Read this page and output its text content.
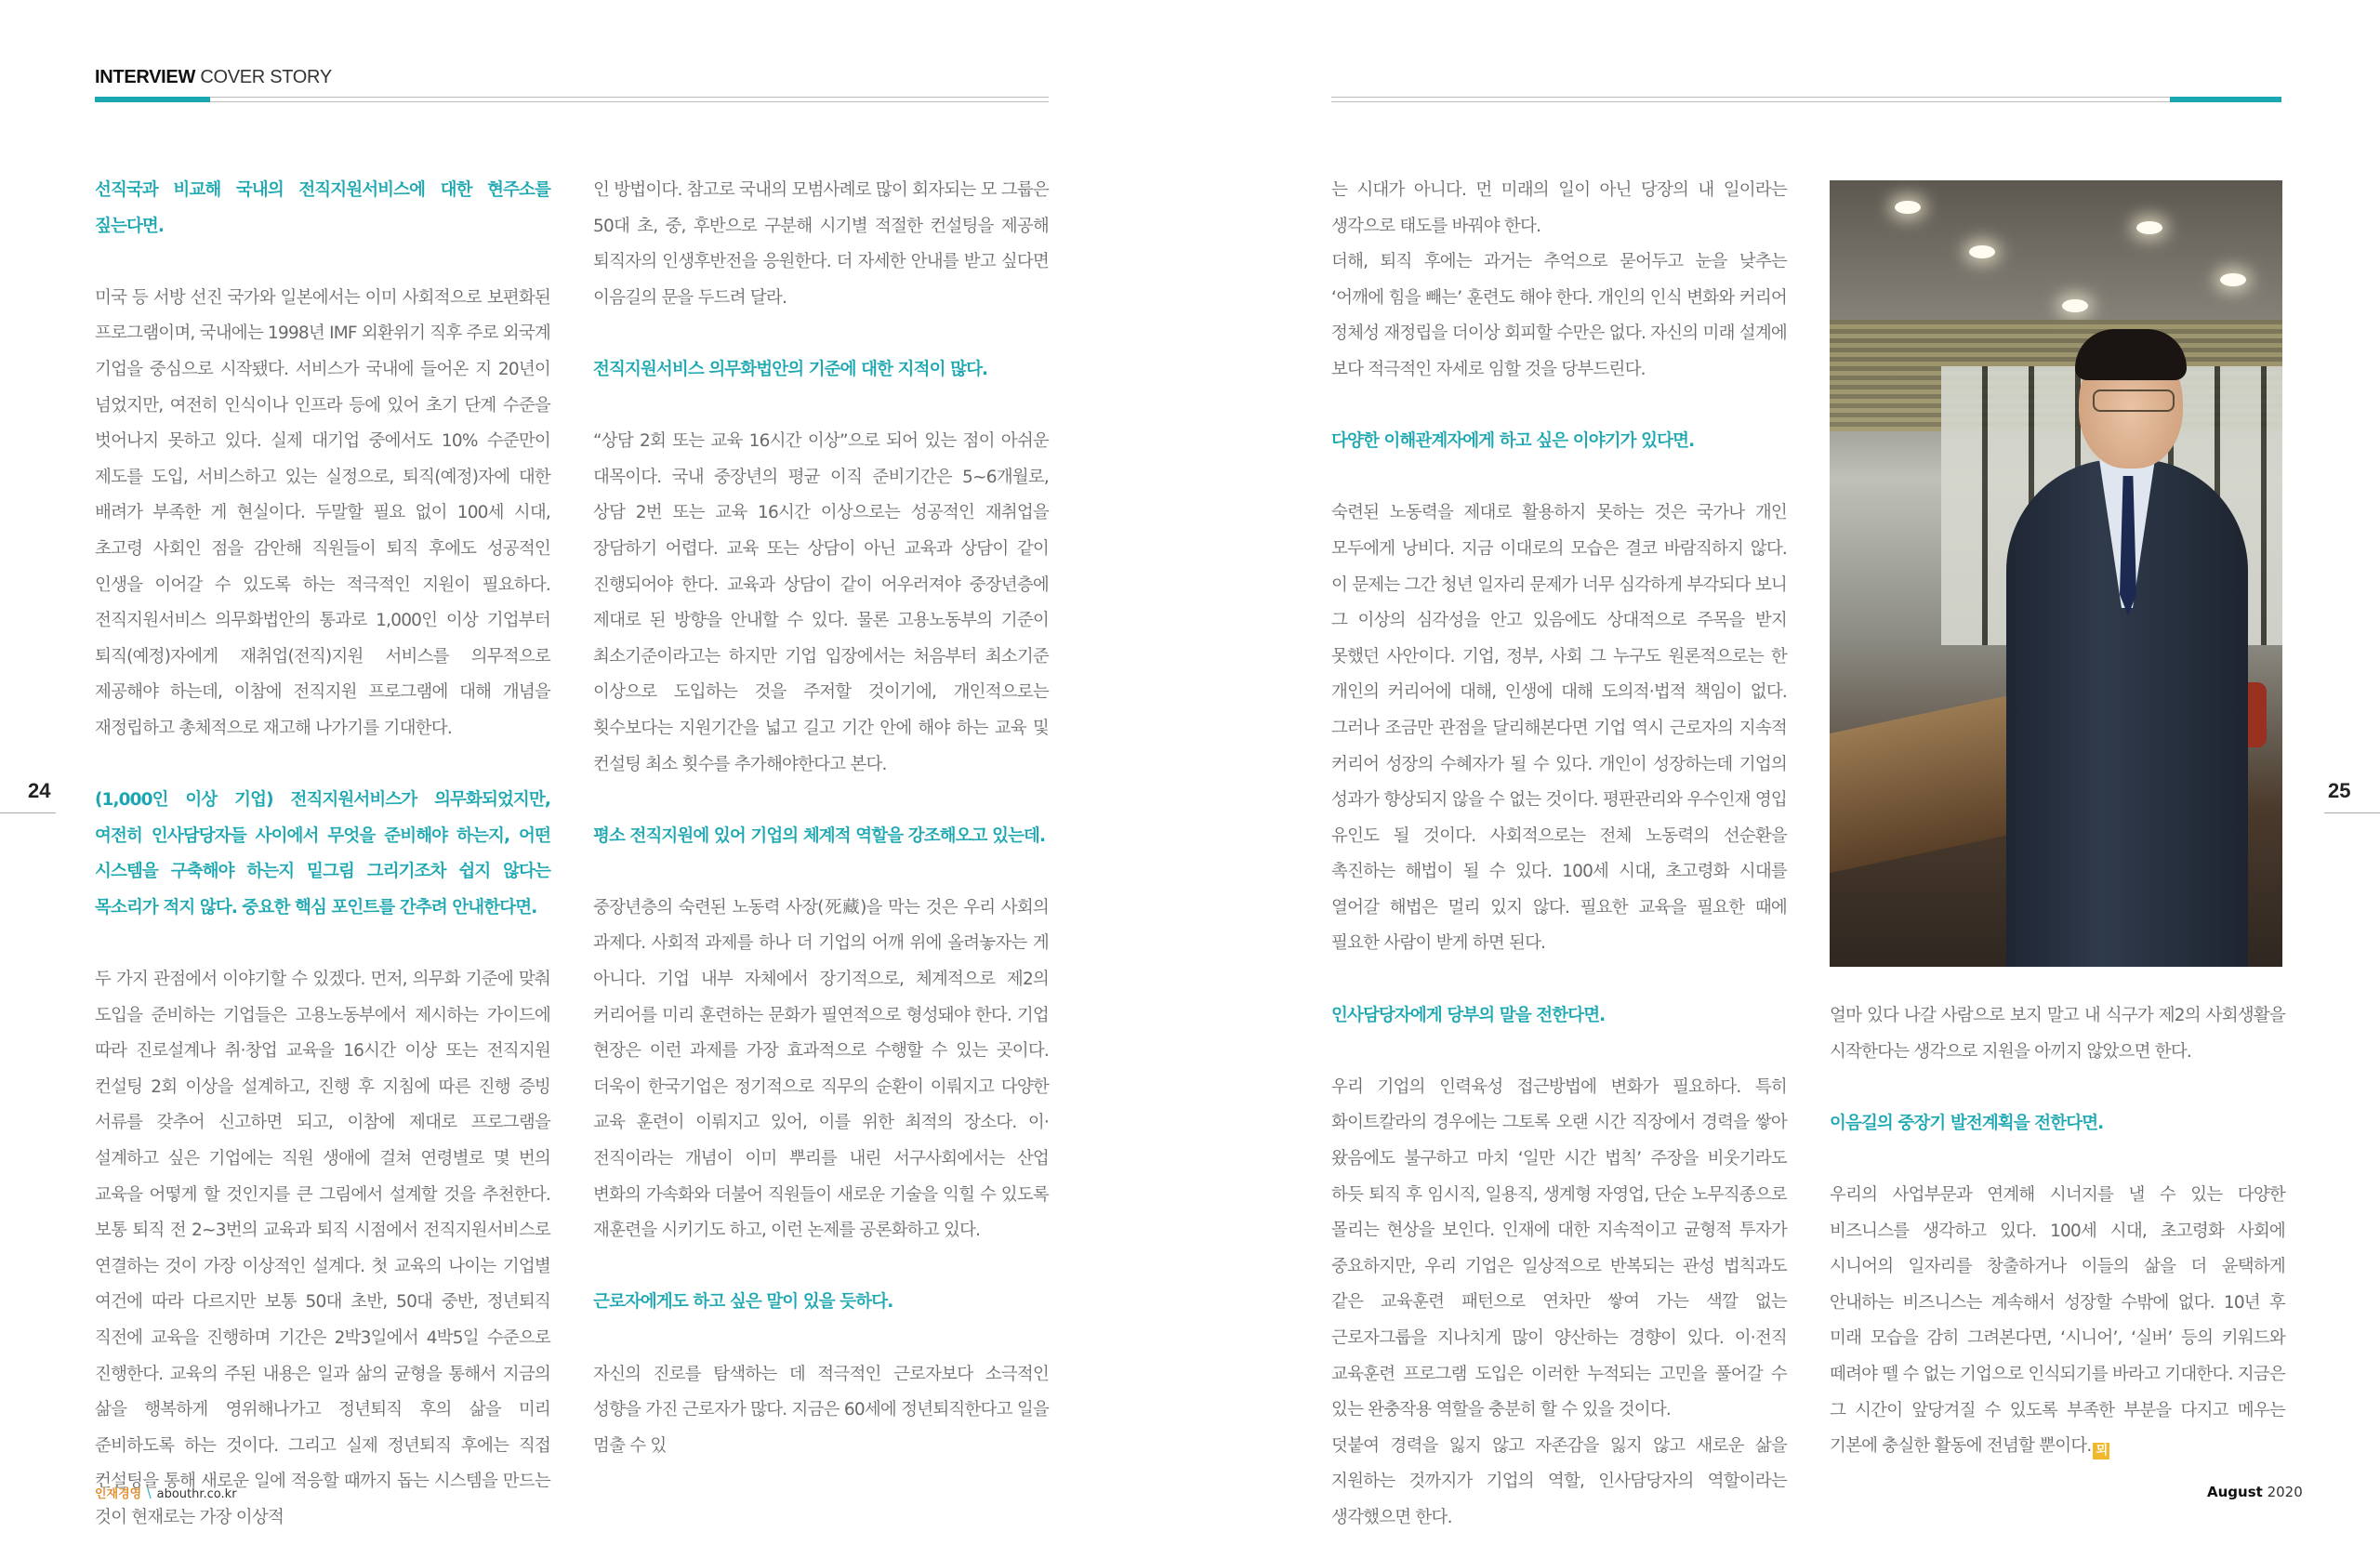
INTERVIEW COVER STORY
24	25

선직국과 비교해 국내의 전직지원서비스에 대한 현주소를 짚는다면.

미국 등 서방 선진 국가와 일본에서는 이미 사회적으로 보편화된 프로그램이며, 국내에는 1998년 IMF 외환위기 직후 주로 외국계 기업을 중심으로 시작됐다. 서비스가 국내에 들어온 지 20년이 넘었지만, 여전히 인식이나 인프라 등에 있어 초기 단계 수준을 벗어나지 못하고 있다. 실제 대기업 중에서도 10% 수준만이 제도를 도입, 서비스하고 있는 실정으로, 퇴직(예정)자에 대한 배려가 부족한 게 현실이다. 두말할 필요 없이 100세 시대, 초고령 사회인 점을 감안해 직원들이 퇴직 후에도 성공적인 인생을 이어갈 수 있도록 하는 적극적인 지원이 필요하다. 전직지원서비스 의무화법안의 통과로 1,000인 이상 기업부터 퇴직(예정)자에게 재취업(전직)지원 서비스를 의무적으로 제공해야 하는데, 이참에 전직지원 프로그램에 대해 개념을 재정립하고 총체적으로 재고해 나가기를 기대한다.

(1,000인 이상 기업) 전직지원서비스가 의무화되었지만, 여전히 인사담당자들 사이에서 무엇을 준비해야 하는지, 어떤 시스템을 구축해야 하는지 밑그림 그리기조차 쉽지 않다는 목소리가 적지 않다. 중요한 핵심 포인트를 간추려 안내한다면.

두 가지 관점에서 이야기할 수 있겠다. 먼저, 의무화 기준에 맞춰 도입을 준비하는 기업들은 고용노동부에서 제시하는 가이드에 따라 진로설계나 취·창업 교육을 16시간 이상 또는 전직지원 컨설팅 2회 이상을 설계하고, 진행 후 지침에 따른 진행 증빙 서류를 갖추어 신고하면 되고, 이참에 제대로 프로그램을 설계하고 싶은 기업에는 직원 생애에 걸쳐 연령별로 몇 번의 교육을 어떻게 할 것인지를 큰 그림에서 설계할 것을 추천한다. 보통 퇴직 전 2~3번의 교육과 퇴직 시점에서 전직지원서비스로 연결하는 것이 가장 이상적인 설계다. 첫 교육의 나이는 기업별 여건에 따라 다르지만 보통 50대 초반, 50대 중반, 정년퇴직 직전에 교육을 진행하며 기간은 2박3일에서 4박5일 수준으로 진행한다. 교육의 주된 내용은 일과 삶의 균형을 통해서 지금의 삶을 행복하게 영위해나가고 정년퇴직 후의 삶을 미리 준비하도록 하는 것이다. 그리고 실제 정년퇴직 후에는 직접 컨설팅을 통해 새로운 일에 적응할 때까지 돕는 시스템을 만드는 것이 현재로는 가장 이상적

인 방법이다. 참고로 국내의 모범사례로 많이 회자되는 모 그룹은 50대 초, 중, 후반으로 구분해 시기별 적절한 컨설팅을 제공해 퇴직자의 인생후반전을 응원한다. 더 자세한 안내를 받고 싶다면 이음길의 문을 두드려 달라.

전직지원서비스 의무화법안의 기준에 대한 지적이 많다.

“상담 2회 또는 교육 16시간 이상”으로 되어 있는 점이 아쉬운 대목이다. 국내 중장년의 평균 이직 준비기간은 5~6개월로, 상담 2번 또는 교육 16시간 이상으로는 성공적인 재취업을 장담하기 어렵다. 교육 또는 상담이 아닌 교육과 상담이 같이 진행되어야 한다. 교육과 상담이 같이 어우러져야 중장년층에 제대로 된 방향을 안내할 수 있다. 물론 고용노동부의 기준이 최소기준이라고는 하지만 기업 입장에서는 처음부터 최소기준 이상으로 도입하는 것을 주저할 것이기에, 개인적으로는 횟수보다는 지원기간을 넓고 길고 기간 안에 해야 하는 교육 및 컨설팅 최소 횟수를 추가해야한다고 본다.

평소 전직지원에 있어 기업의 체계적 역할을 강조해오고 있는데.

중장년층의 숙련된 노동력 사장(死藏)을 막는 것은 우리 사회의 과제다. 사회적 과제를 하나 더 기업의 어깨 위에 올려놓자는 게 아니다. 기업 내부 자체에서 장기적으로, 체계적으로 제2의 커리어를 미리 훈련하는 문화가 필연적으로 형성돼야 한다. 기업 현장은 이런 과제를 가장 효과적으로 수행할 수 있는 곳이다. 더욱이 한국기업은 정기적으로 직무의 순환이 이뤄지고 다양한 교육 훈련이 이뤄지고 있어, 이를 위한 최적의 장소다. 이·전직이라는 개념이 이미 뿌리를 내린 서구사회에서는 산업 변화의 가속화와 더불어 직원들이 새로운 기술을 익힐 수 있도록 재훈련을 시키기도 하고, 이런 논제를 공론화하고 있다.

근로자에게도 하고 싶은 말이 있을 듯하다.

자신의 진로를 탐색하는 데 적극적인 근로자보다 소극적인 성향을 가진 근로자가 많다. 지금은 60세에 정년퇴직한다고 일을 멈출 수 있

는 시대가 아니다. 먼 미래의 일이 아닌 당장의 내 일이라는 생각으로 태도를 바꿔야 한다.

더해, 퇴직 후에는 과거는 추억으로 묻어두고 눈을 낮추는 ‘어깨에 힘을 빼는’ 훈련도 해야 한다. 개인의 인식 변화와 커리어 정체성 재정립을 더이상 회피할 수만은 없다. 자신의 미래 설계에 보다 적극적인 자세로 임할 것을 당부드린다.

다양한 이해관계자에게 하고 싶은 이야기가 있다면.

숙련된 노동력을 제대로 활용하지 못하는 것은 국가나 개인 모두에게 낭비다. 지금 이대로의 모습은 결코 바람직하지 않다. 이 문제는 그간 청년 일자리 문제가 너무 심각하게 부각되다 보니 그 이상의 심각성을 안고 있음에도 상대적으로 주목을 받지 못했던 사안이다. 기업, 정부, 사회 그 누구도 원론적으로는 한 개인의 커리어에 대해, 인생에 대해 도의적·법적 책임이 없다. 그러나 조금만 관점을 달리해본다면 기업 역시 근로자의 지속적 커리어 성장의 수혜자가 될 수 있다. 개인이 성장하는데 기업의 성과가 향상되지 않을 수 없는 것이다. 평판관리와 우수인재 영입 유인도 될 것이다. 사회적으로는 전체 노동력의 선순환을 촉진하는 해법이 될 수 있다. 100세 시대, 초고령화 시대를 열어갈 해법은 멀리 있지 않다. 필요한 교육을 필요한 때에 필요한 사람이 받게 하면 된다.

인사담당자에게 당부의 말을 전한다면.

우리 기업의 인력육성 접근방법에 변화가 필요하다. 특히 화이트칼라의 경우에는 그토록 오랜 시간 직장에서 경력을 쌓아 왔음에도 불구하고 마치 ‘일만 시간 법칙’ 주장을 비웃기라도 하듯 퇴직 후 임시직, 일용직, 생계형 자영업, 단순 노무직종으로 몰리는 현상을 보인다. 인재에 대한 지속적이고 균형적 투자가 중요하지만, 우리 기업은 일상적으로 반복되는 관성 법칙과도 같은 교육훈련 패턴으로 연차만 쌓여 가는 색깔 없는 근로자그룹을 지나치게 많이 양산하는 경향이 있다. 이·전직 교육훈련 프로그램 도입은 이러한 누적되는 고민을 풀어갈 수 있는 완충작용 역할을 충분히 할 수 있을 것이다.

덧붙여 경력을 잃지 않고 자존감을 잃지 않고 새로운 삶을 지원하는 것까지가 기업의 역할, 인사담당자의 역할이라는 생각했으면 한다.

얼마 있다 나갈 사람으로 보지 말고 내 식구가 제2의 사회생활을 시작한다는 생각으로 지원을 아끼지 않았으면 한다.

이음길의 중장기 발전계획을 전한다면.

우리의 사업부문과 연계해 시너지를 낼 수 있는 다양한 비즈니스를 생각하고 있다. 100세 시대, 초고령화 사회에 시니어의 일자리를 창출하거나 이들의 삶을 더 윤택하게 안내하는 비즈니스는 계속해서 성장할 수밖에 없다. 10년 후 미래 모습을 감히 그려본다면, ‘시니어’, ‘실버’ 등의 키워드와 떼려야 뗄 수 없는 기업으로 인식되기를 바라고 기대한다. 지금은 그 시간이 앞당겨질 수 있도록 부족한 부분을 다지고 메우는 기본에 충실한 활동에 전념할 뿐이다. 뫼

인재경영 \ abouthr.co.kr	August 2020
